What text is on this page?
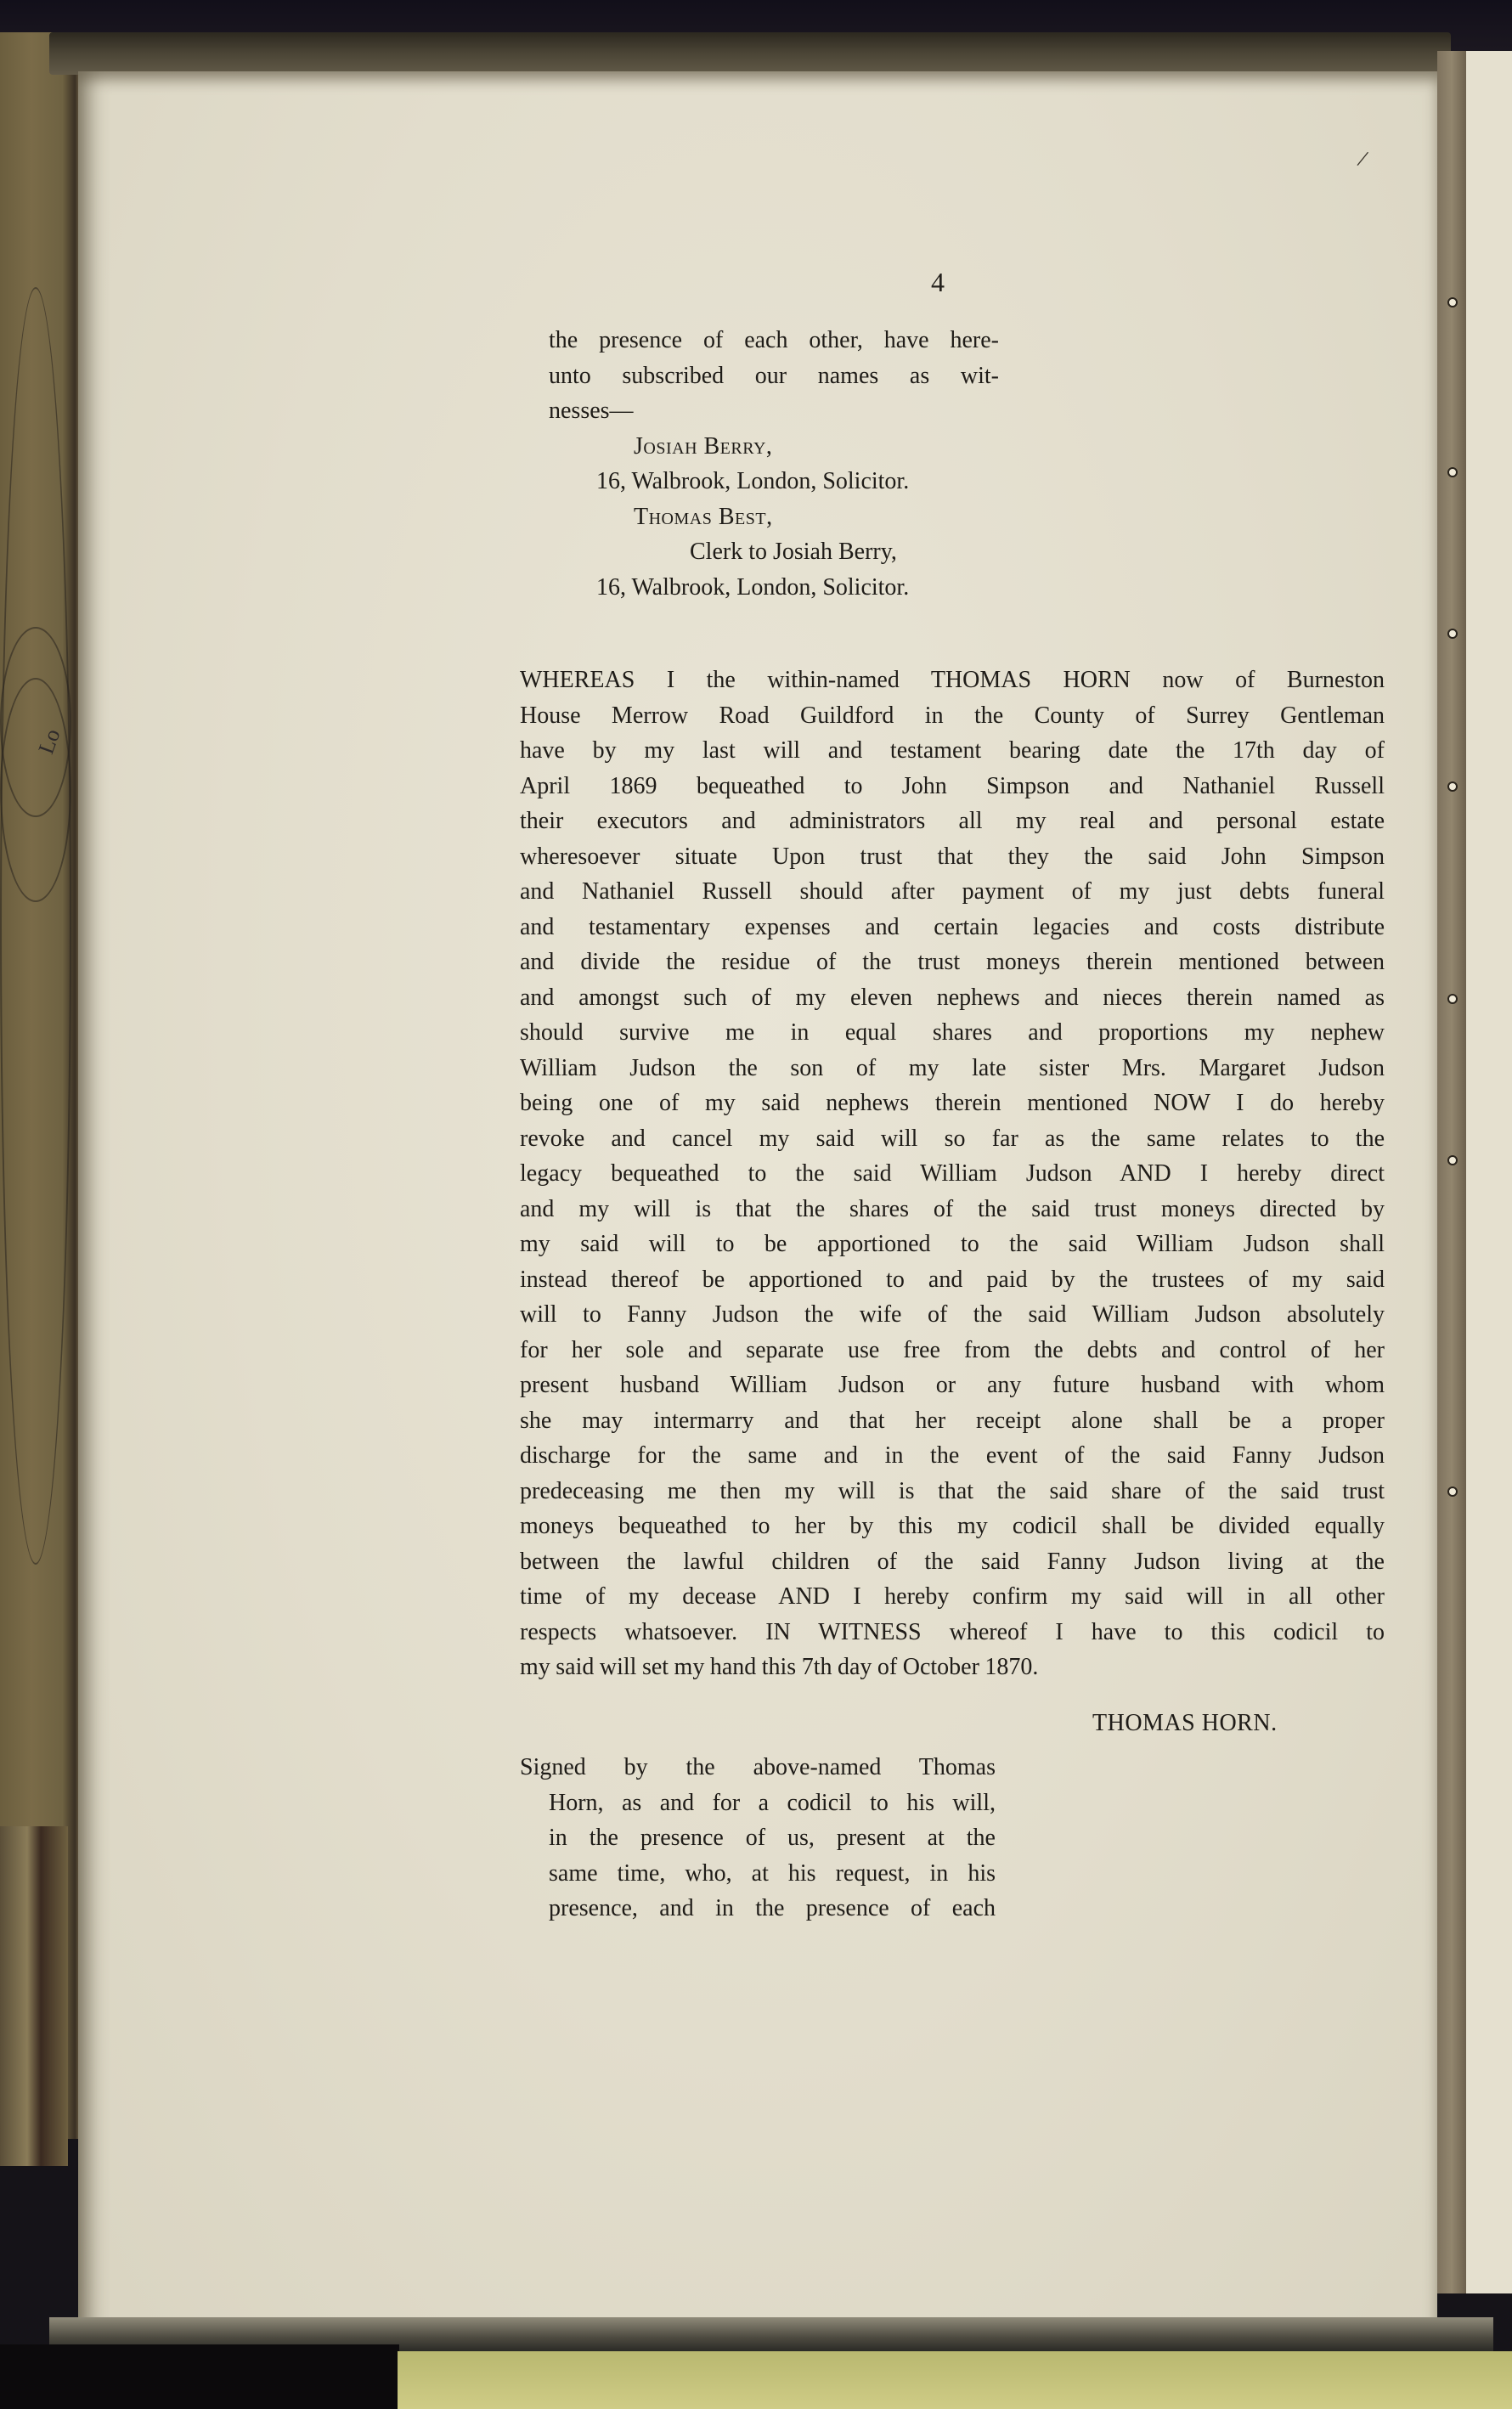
Lo
/
4
the presence of each other, have here-
unto subscribed our names as wit-
nesses—
Josiah Berry,
16, Walbrook, London, Solicitor.
Thomas Best,
Clerk to Josiah Berry,
16, Walbrook, London, Solicitor.
WHEREAS I the within-named THOMAS HORN now of Burneston
House Merrow Road Guildford in the County of Surrey Gentleman
have by my last will and testament bearing date the 17th day of
April 1869 bequeathed to John Simpson and Nathaniel Russell
their executors and administrators all my real and personal estate
wheresoever situate Upon trust that they the said John Simpson
and Nathaniel Russell should after payment of my just debts funeral
and testamentary expenses and certain legacies and costs distribute
and divide the residue of the trust moneys therein mentioned between
and amongst such of my eleven nephews and nieces therein named as
should survive me in equal shares and proportions my nephew
William Judson the son of my late sister Mrs. Margaret Judson
being one of my said nephews therein mentioned NOW I do hereby
revoke and cancel my said will so far as the same relates to the
legacy bequeathed to the said William Judson AND I hereby direct
and my will is that the shares of the said trust moneys directed by
my said will to be apportioned to the said William Judson shall
instead thereof be apportioned to and paid by the trustees of my said
will to Fanny Judson the wife of the said William Judson absolutely
for her sole and separate use free from the debts and control of her
present husband William Judson or any future husband with whom
she may intermarry and that her receipt alone shall be a proper
discharge for the same and in the event of the said Fanny Judson
predeceasing me then my will is that the said share of the said trust
moneys bequeathed to her by this my codicil shall be divided equally
between the lawful children of the said Fanny Judson living at the
time of my decease AND I hereby confirm my said will in all other
respects whatsoever. IN WITNESS whereof I have to this codicil to
my said will set my hand this 7th day of October 1870.
THOMAS HORN.
Signed by the above-named Thomas
Horn, as and for a codicil to his will,
in the presence of us, present at the
same time, who, at his request, in his
presence, and in the presence of each
